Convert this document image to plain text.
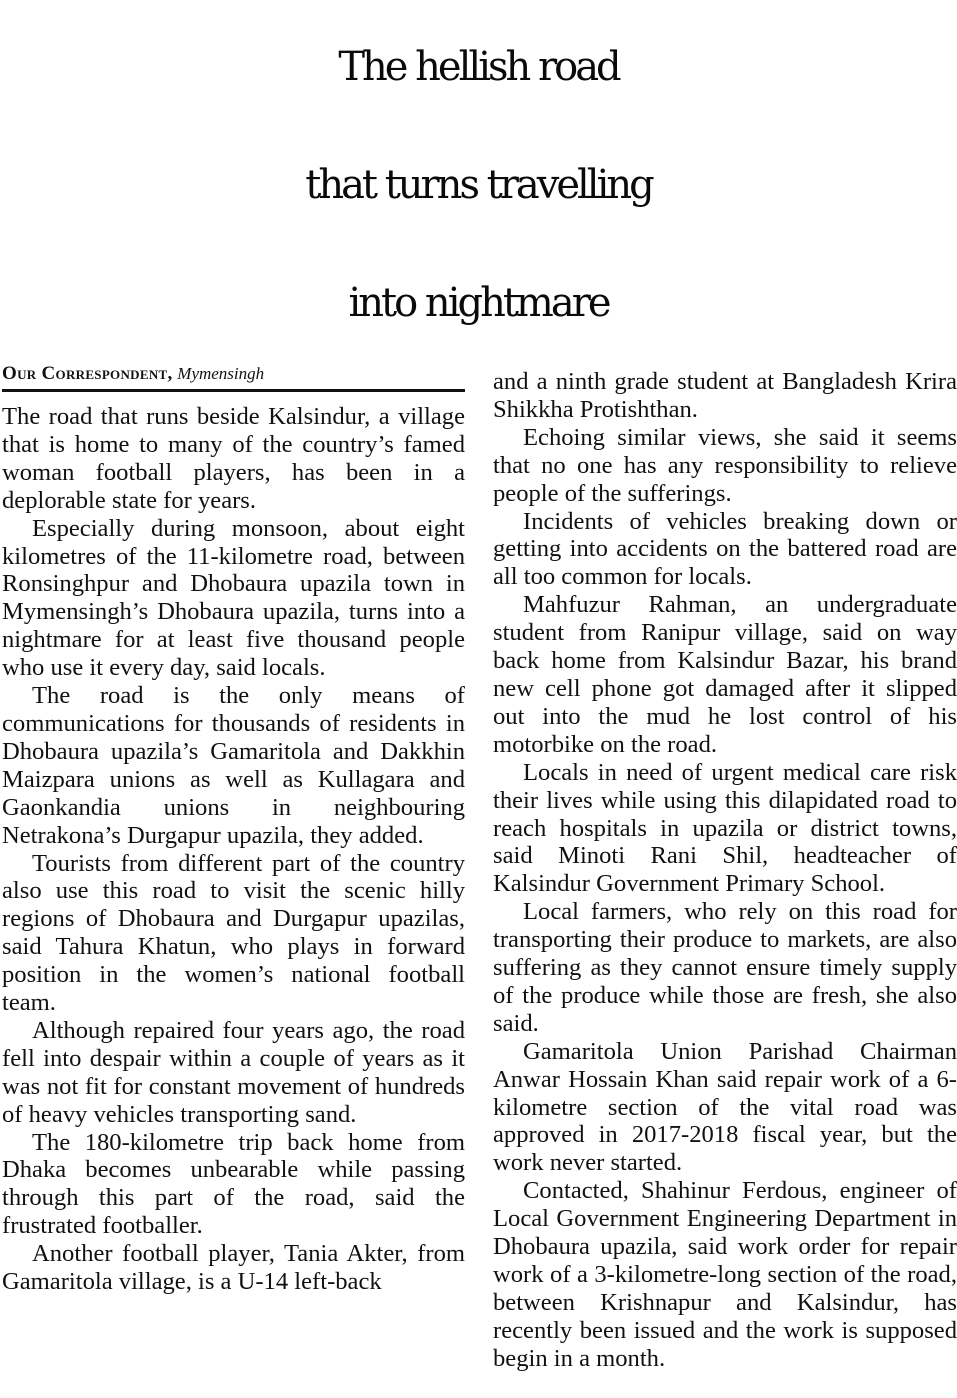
The hellish road
that turns travelling
into nightmare
Our Correspondent, Mymensingh

The road that runs beside Kalsindur, a village that is home to many of the country’s famed woman football players, has been in a deplorable state for years.

Especially during monsoon, about eight kilometres of the 11-kilometre road, between Ronsinghpur and Dhobaura upazila town in Mymensingh’s Dhobaura upazila, turns into a nightmare for at least five thousand people who use it every day, said locals.

The road is the only means of communications for thousands of residents in Dhobaura upazila’s Gamaritola and Dakkhin Maizpara unions as well as Kullagara and Gaonkandia unions in neighbouring Netrakona’s Durgapur upazila, they added.

Tourists from different part of the country also use this road to visit the scenic hilly regions of Dhobaura and Durgapur upazilas, said Tahura Khatun, who plays in forward position in the women’s national football team.

Although repaired four years ago, the road fell into despair within a couple of years as it was not fit for constant movement of hundreds of heavy vehicles transporting sand.

The 180-kilometre trip back home from Dhaka becomes unbearable while passing through this part of the road, said the frustrated footballer.

Another football player, Tania Akter, from Gamaritola village, is a U-14 left-back

and a ninth grade student at Bangladesh Krira Shikkha Protishthan.

Echoing similar views, she said it seems that no one has any responsibility to relieve people of the sufferings.

Incidents of vehicles breaking down or getting into accidents on the battered road are all too common for locals.

Mahfuzur Rahman, an undergraduate student from Ranipur village, said on way back home from Kalsindur Bazar, his brand new cell phone got damaged after it slipped out into the mud he lost control of his motorbike on the road.

Locals in need of urgent medical care risk their lives while using this dilapidated road to reach hospitals in upazila or district towns, said Minoti Rani Shil, headteacher of Kalsindur Government Primary School.

Local farmers, who rely on this road for transporting their produce to markets, are also suffering as they cannot ensure timely supply of the produce while those are fresh, she also said.

Gamaritola Union Parishad Chairman Anwar Hossain Khan said repair work of a 6-kilometre section of the vital road was approved in 2017-2018 fiscal year, but the work never started.

Contacted, Shahinur Ferdous, engineer of Local Government Engineering Department in Dhobaura upazila, said work order for repair work of a 3-kilometre-long section of the road, between Krishnapur and Kalsindur, has recently been issued and the work is supposed begin in a month.
